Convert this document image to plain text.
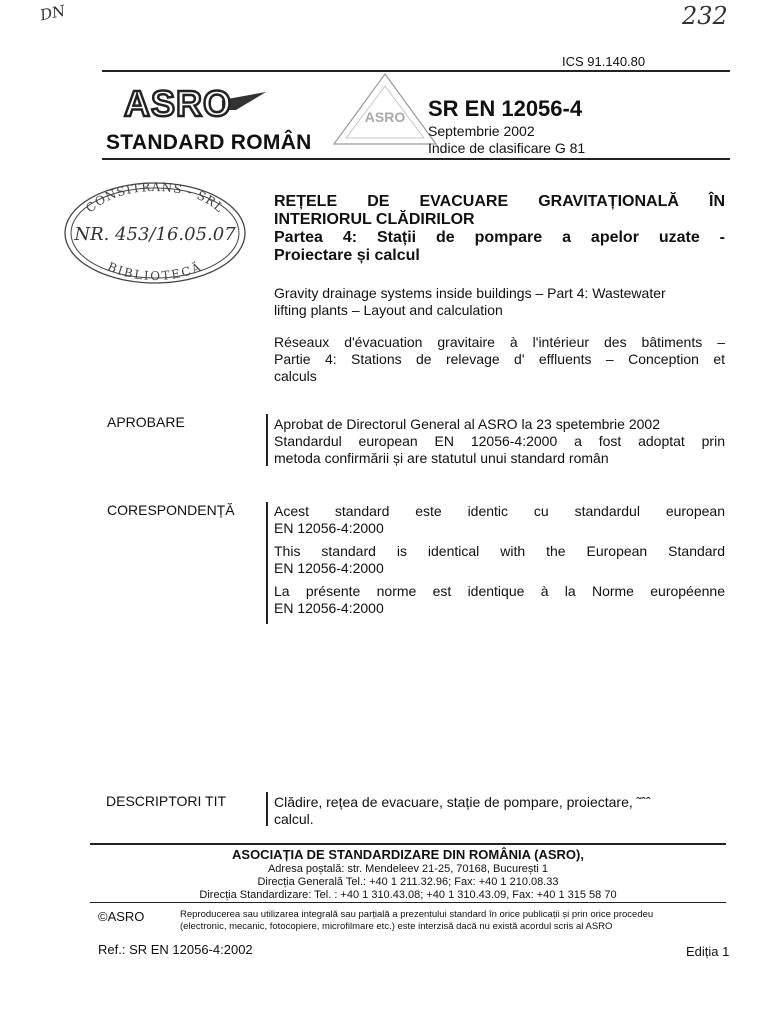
DN	232
ICS 91.140.80
ASRO	ASRO
STANDARD ROMÂN
SR EN 12056-4
Septembrie 2002
Indice de clasificare G 81
CONSITRANS - SRL
BIBLIOTECĂ
NR. 453/16.05.07
REȚELE DE EVACUARE GRAVITAȚIONALĂ ÎN
INTERIORUL CLĂDIRILOR
Partea 4: Stații de pompare a apelor uzate -
Proiectare și calcul
Gravity drainage systems inside buildings – Part 4: Wastewater
lifting plants – Layout and calculation
Réseaux d'évacuation gravitaire à l'intérieur des bâtiments –
Partie 4: Stations de relevage d' effluents – Conception et
calculs
APROBARE	Aprobat de Directorul General al ASRO la 23 spetembrie 2002
Standardul european EN 12056-4:2000 a fost adoptat prin
metoda confirmării și are statutul unui standard român
CORESPONDENȚĂ	Acest standard este identic cu standardul european
EN 12056-4:2000
This standard is identical with the European Standard
EN 12056-4:2000
La présente norme est identique à la Norme européenne
EN 12056-4:2000
DESCRIPTORI TIT	Clădire, rețea de evacuare, stație de pompare, proiectare, ˜ˆˆ
calcul.
ASOCIAȚIA DE STANDARDIZARE DIN ROMÂNIA (ASRO),
Adresa poștală: str. Mendeleev 21-25, 70168, București 1
Direcția Generală Tel.: +40 1 211.32.96; Fax: +40 1 210.08.33
Direcția Standardizare: Tel. : +40 1 310.43.08; +40 1 310.43.09, Fax: +40 1 315 58 70
©ASRO	Reproducerea sau utilizarea integrală sau parțială a prezentului standard în orice publicații și prin orice procedeu
(electronic, mecanic, fotocopiere, microfilmare etc.) este interzisă dacă nu există acordul scris al ASRO
Ref.: SR EN 12056-4:2002	Ediția 1
